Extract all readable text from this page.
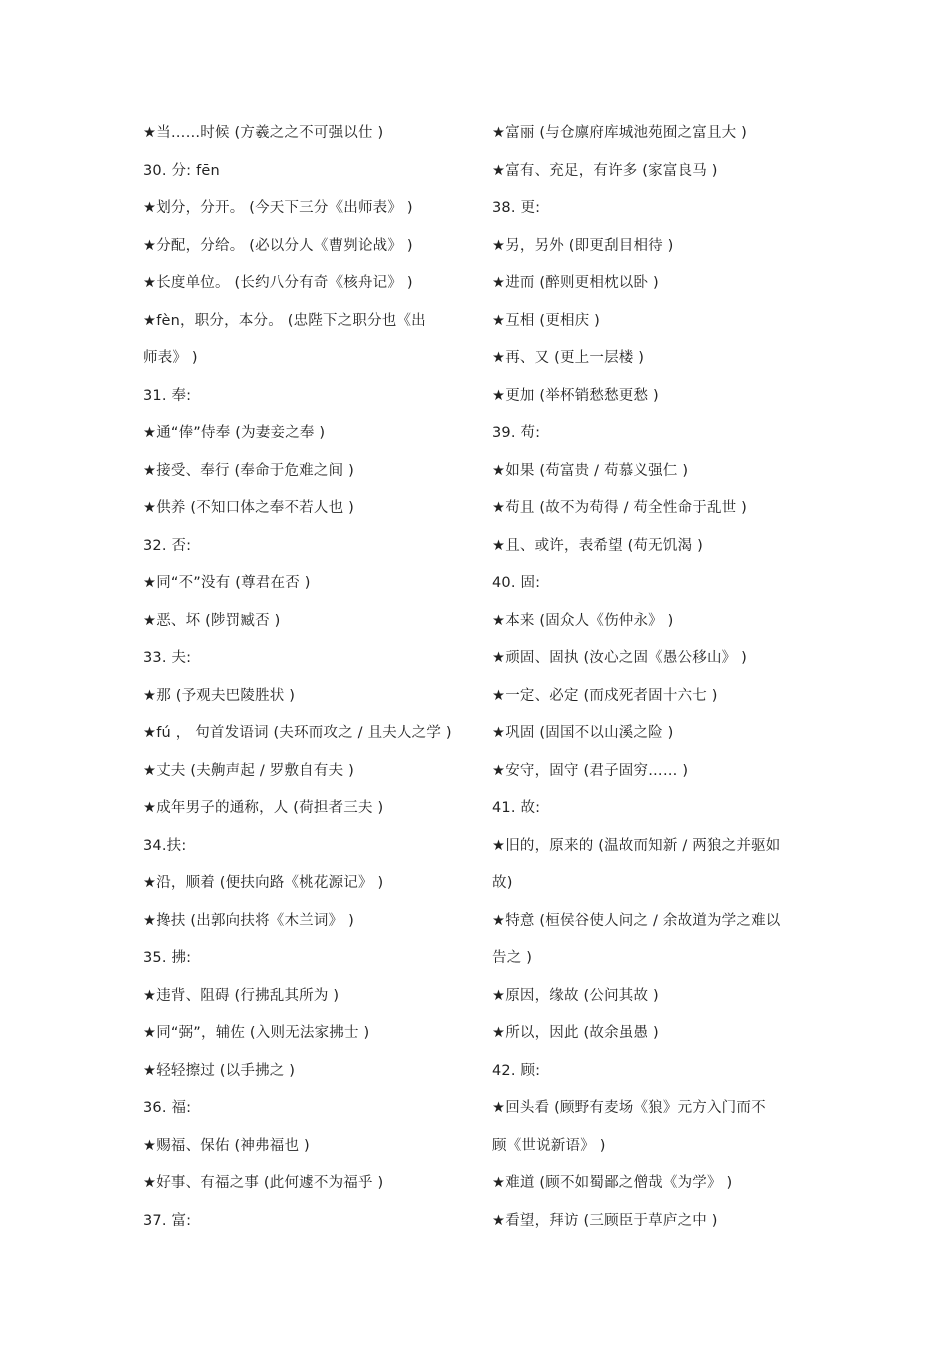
★当……时候 (方羲之之不可强以仕 )
30. 分: fēn
★划分，分开。 (今天下三分《出师表》 )
★分配，分给。 (必以分人《曹刿论战》 )
★长度单位。 (长约八分有奇《核舟记》 )
★fèn，职分，本分。 (忠陛下之职分也《出
师表》 )
31. 奉:
★通“俸”侍奉 (为妻妾之奉 )
★接受、奉行 (奉命于危难之间 )
★供养 (不知口体之奉不若人也 )
32. 否:
★同“不”没有 (尊君在否 )
★恶、坏 (陟罚臧否 )
33. 夫:
★那 (予观夫巴陵胜状 )
★fú ， 句首发语词 (夫环而攻之 / 且夫人之学 )
★丈夫 (夫齁声起 / 罗敷自有夫 )
★成年男子的通称，人 (荷担者三夫 )
34.扶:
★沿，顺着 (便扶向路《桃花源记》 )
★搀扶 (出郭向扶将《木兰词》 )
35. 拂:
★违背、阻碍 (行拂乱其所为 )
★同“弼”，辅佐 (入则无法家拂士 )
★轻轻擦过 (以手拂之 )
36. 福:
★赐福、保佑 (神弗福也 )
★好事、有福之事 (此何遽不为福乎 )
37. 富:
★富丽 (与仓廪府库城池苑囿之富且大 )
★富有、充足，有许多 (家富良马 )
38. 更:
★另，另外 (即更刮目相待 )
★进而 (醉则更相枕以卧 )
★互相 (更相庆 )
★再、又 (更上一层楼 )
★更加 (举杯销愁愁更愁 )
39. 苟:
★如果 (苟富贵 / 苟慕义强仁 )
★苟且 (故不为苟得 / 苟全性命于乱世 )
★且、或许，表希望 (苟无饥渴 )
40. 固:
★本来 (固众人《伤仲永》 )
★顽固、固执 (汝心之固《愚公移山》 )
★一定、必定 (而戍死者固十六七 )
★巩固 (固国不以山溪之险 )
★安守，固守 (君子固穷…… )
41. 故:
★旧的，原来的 (温故而知新 / 两狼之并驱如
故)
★特意 (桓侯谷使人问之 / 余故道为学之难以
告之 )
★原因，缘故 (公问其故 )
★所以，因此 (故余虽愚 )
42. 顾:
★回头看 (顾野有麦场《狼》元方入门而不
顾《世说新语》 )
★难道 (顾不如蜀鄙之僧哉《为学》 )
★看望，拜访 (三顾臣于草庐之中 )
